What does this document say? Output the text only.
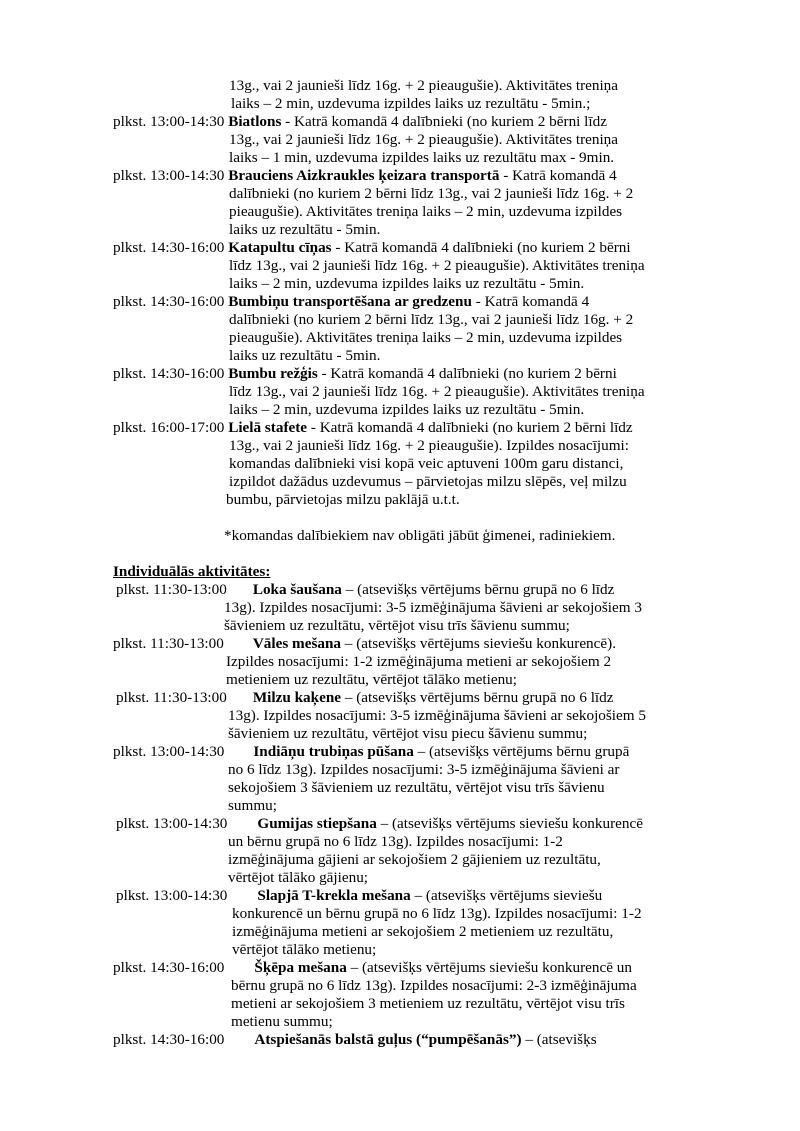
13g., vai 2 jaunieši līdz 16g. + 2 pieaugušie). Aktivitātes treniņa
laiks – 2 min, uzdevuma izpildes laiks uz rezultātu - 5min.;
plkst. 13:00-14:30 Biatlons - Katrā komandā 4 dalībnieki (no kuriem 2 bērni līdz
13g., vai 2 jaunieši līdz 16g. + 2 pieaugušie). Aktivitātes treniņa
laiks – 1 min, uzdevuma izpildes laiks uz rezultātu max - 9min.
plkst. 13:00-14:30 Brauciens Aizkraukles ķeizara transportā - Katrā komandā 4
dalībnieki (no kuriem 2 bērni līdz 13g., vai 2 jaunieši līdz 16g. + 2
pieaugušie). Aktivitātes treniņa laiks – 2 min, uzdevuma izpildes
laiks uz rezultātu - 5min.
plkst. 14:30-16:00 Katapultu cīņas - Katrā komandā 4 dalībnieki (no kuriem 2 bērni
līdz 13g., vai 2 jaunieši līdz 16g. + 2 pieaugušie). Aktivitātes treniņa
laiks – 2 min, uzdevuma izpildes laiks uz rezultātu - 5min.
plkst. 14:30-16:00 Bumbiņu transportēšana ar gredzenu - Katrā komandā 4
dalībnieki (no kuriem 2 bērni līdz 13g., vai 2 jaunieši līdz 16g. + 2
pieaugušie). Aktivitātes treniņa laiks – 2 min, uzdevuma izpildes
laiks uz rezultātu - 5min.
plkst. 14:30-16:00 Bumbu režģis - Katrā komandā 4 dalībnieki (no kuriem 2 bērni
līdz 13g., vai 2 jaunieši līdz 16g. + 2 pieaugušie). Aktivitātes treniņa
laiks – 2 min, uzdevuma izpildes laiks uz rezultātu - 5min.
plkst. 16:00-17:00 Lielā stafete - Katrā komandā 4 dalībnieki (no kuriem 2 bērni līdz
13g., vai 2 jaunieši līdz 16g. + 2 pieaugušie). Izpildes nosacījumi:
komandas dalībnieki visi kopā veic aptuveni 100m garu distanci,
izpildot dažādus uzdevumus – pārvietojas milzu slēpēs, veļ milzu
bumbu, pārvietojas milzu paklājā u.t.t.
*komandas dalībiekiem nav obligāti jābūt ģimenei, radiniekiem.
Individuālās aktivitātes:
plkst. 11:30-13:00 Loka šaušana – (atsevišķs vērtējums bērnu grupā no 6 līdz
13g). Izpildes nosacījumi: 3-5 izmēģinājuma šāvieni ar sekojošiem 3
šāvieniem uz rezultātu, vērtējot visu trīs šāvienu summu;
plkst. 11:30-13:00 Vāles mešana – (atsevišķs vērtējums sieviešu konkurencē).
Izpildes nosacījumi: 1-2 izmēģinājuma metieni ar sekojošiem 2
metieniem uz rezultātu, vērtējot tālāko metienu;
plkst. 11:30-13:00 Milzu kaķene – (atsevišķs vērtējums bērnu grupā no 6 līdz
13g). Izpildes nosacījumi: 3-5 izmēģinājuma šāvieni ar sekojošiem 5
šāvieniem uz rezultātu, vērtējot visu piecu šāvienu summu;
plkst. 13:00-14:30 Indiāņu trubiņas pūšana – (atsevišķs vērtējums bērnu grupā
no 6 līdz 13g). Izpildes nosacījumi: 3-5 izmēģinājuma šāvieni ar
sekojošiem 3 šāvieniem uz rezultātu, vērtējot visu trīs šāvienu
summu;
plkst. 13:00-14:30 Gumijas stiepšana – (atsevišķs vērtējums sieviešu konkurencē
un bērnu grupā no 6 līdz 13g). Izpildes nosacījumi: 1-2
izmēģinājuma gājieni ar sekojošiem 2 gājieniem uz rezultātu,
vērtējot tālāko gājienu;
plkst. 13:00-14:30 Slapjā T-krekla mešana – (atsevišķs vērtējums sieviešu
konkurencē un bērnu grupā no 6 līdz 13g). Izpildes nosacījumi: 1-2
izmēģinājuma metieni ar sekojošiem 2 metieniem uz rezultātu,
vērtējot tālāko metienu;
plkst. 14:30-16:00 Šķēpa mešana – (atsevišķs vērtējums sieviešu konkurencē un
bērnu grupā no 6 līdz 13g). Izpildes nosacījumi: 2-3 izmēģinājuma
metieni ar sekojošiem 3 metieniem uz rezultātu, vērtējot visu trīs
metienu summu;
plkst. 14:30-16:00 Atspiešanās balstā guļus (“pumpēšanās”) – (atsevišķs
